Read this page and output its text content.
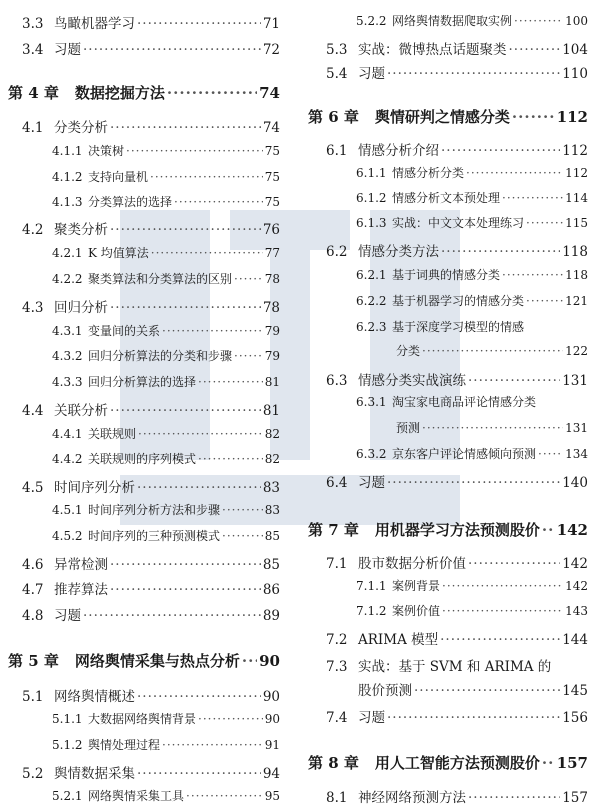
3.3 鸟瞰机器学习 ·····	71
3.4 习题 ·····	72
第 4 章 数据挖掘方法 ·····	74
4.1 分类分析 ·····	74
4.1.1 决策树 ·····	75
4.1.2 支持向量机 ·····	75
4.1.3 分类算法的选择 ·····	75
4.2 聚类分析 ·····	76
4.2.1 K 均值算法 ·····	77
4.2.2 聚类算法和分类算法的区别 ·····	78
4.3 回归分析 ·····	78
4.3.1 变量间的关系 ·····	79
4.3.2 回归分析算法的分类和步骤 ·····	79
4.3.3 回归分析算法的选择 ·····	81
4.4 关联分析 ·····	81
4.4.1 关联规则 ·····	82
4.4.2 关联规则的序列模式 ·····	82
4.5 时间序列分析 ·····	83
4.5.1 时间序列分析方法和步骤 ·····	83
4.5.2 时间序列的三种预测模式 ·····	85
4.6 异常检测 ·····	85
4.7 推荐算法 ·····	86
4.8 习题 ·····	89
第 5 章 网络舆情采集与热点分析 ····· 90
5.1 网络舆情概述 ·····	90
5.1.1 大数据网络舆情背景 ·····	90
5.1.2 舆情处理过程 ·····	91
5.2 舆情数据采集 ·····	94
5.2.1 网络舆情采集工具 ·····	95
5.2.2 网络舆情数据爬取实例 ·····	100
5.3 实战：微博热点话题聚类 ·····	104
5.4 习题 ·····	110
第 6 章 舆情研判之情感分类 ·····	112
6.1 情感分析介绍 ·····	112
6.1.1 情感分析分类 ·····	112
6.1.2 情感分析文本预处理 ·····	114
6.1.3 实战：中文文本处理练习 ·····	115
6.2 情感分类方法 ·····	118
6.2.1 基于词典的情感分类 ·····	118
6.2.2 基于机器学习的情感分类 ·····	121
6.2.3 基于深度学习模型的情感
分类 ·····	122
6.3 情感分类实战演练 ·····	131
6.3.1 淘宝家电商品评论情感分类
预测 ·····	131
6.3.2 京东客户评论情感倾向预测 ····· 134
6.4 习题 ·····	140
第 7 章 用机器学习方法预测股价 ····· 142
7.1 股市数据分析价值 ·····	142
7.1.1 案例背景 ·····	142
7.1.2 案例价值 ·····	143
7.2 ARIMA 模型 ·····	144
7.3 实战：基于 SVM 和 ARIMA 的
股价预测 ·····	145
7.4 习题 ·····	156
第 8 章 用人工智能方法预测股价 ····· 157
8.1 神经网络预测方法 ·····	157
